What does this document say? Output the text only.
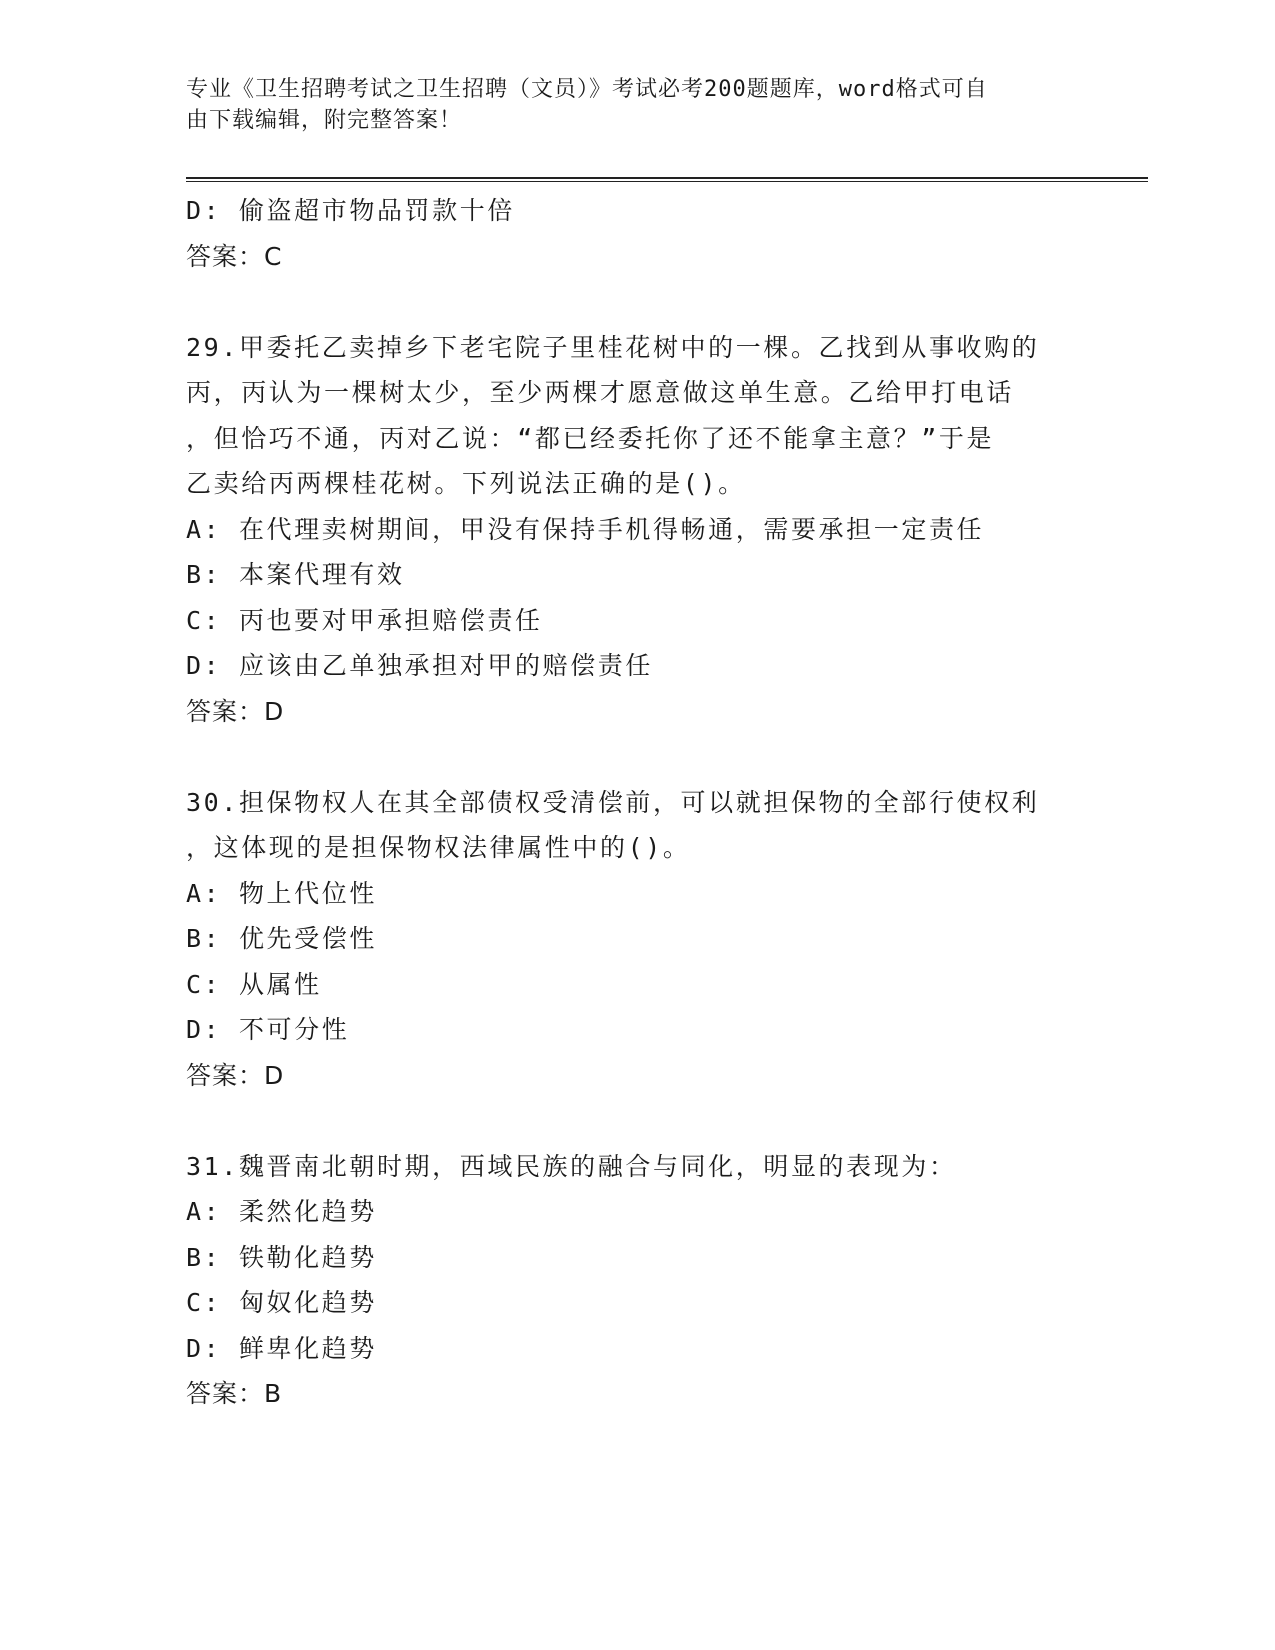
专业《卫生招聘考试之卫生招聘（文员）》考试必考200题题库，word格式可自
由下载编辑，附完整答案！
D: 偷盗超市物品罚款十倍
答案：C
29.甲委托乙卖掉乡下老宅院子里桂花树中的一棵。乙找到从事收购的
丙，丙认为一棵树太少，至少两棵才愿意做这单生意。乙给甲打电话
，但恰巧不通，丙对乙说：“都已经委托你了还不能拿主意？”于是
乙卖给丙两棵桂花树。下列说法正确的是()。
A: 在代理卖树期间，甲没有保持手机得畅通，需要承担一定责任
B: 本案代理有效
C: 丙也要对甲承担赔偿责任
D: 应该由乙单独承担对甲的赔偿责任
答案：D
30.担保物权人在其全部债权受清偿前，可以就担保物的全部行使权利
，这体现的是担保物权法律属性中的()。
A: 物上代位性
B: 优先受偿性
C: 从属性
D: 不可分性
答案：D
31.魏晋南北朝时期，西域民族的融合与同化，明显的表现为：
A: 柔然化趋势
B: 铁勒化趋势
C: 匈奴化趋势
D: 鲜卑化趋势
答案：B
